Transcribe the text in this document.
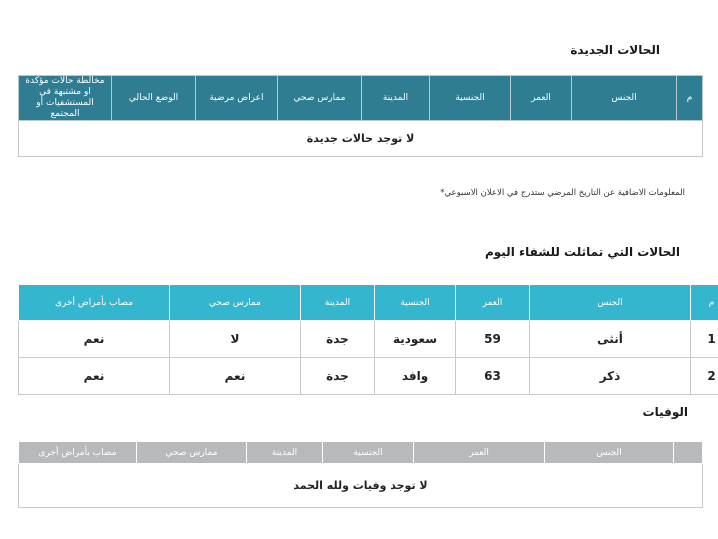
الحالات الجديدة
م	الجنس	العمر	الجنسية	المدينة	ممارس صحي	اعراض مرضية	الوضع الحالي	مخالطة حالات مؤكدة او مشتبهة في المستشفيات أو المجتمع
لا توجد حالات جديدة
المعلومات الاضافية عن التاريخ المرضي ستدرج في الاعلان الاسبوعي*
الحالات التي تماثلت للشفاء اليوم
م	الجنس	العمر	الجنسية	المدينة	ممارس صحي	مصاب بأمراض أخرى
1	أنثى	59	سعودية	جدة	لا	نعم
2	ذكر	63	وافد	جدة	نعم	نعم
الوفيات
	الجنس	العمر	الجنسية	المدينة	ممارس صحي	مصاب بأمراض أخرى
لا توجد وفيات ولله الحمد
